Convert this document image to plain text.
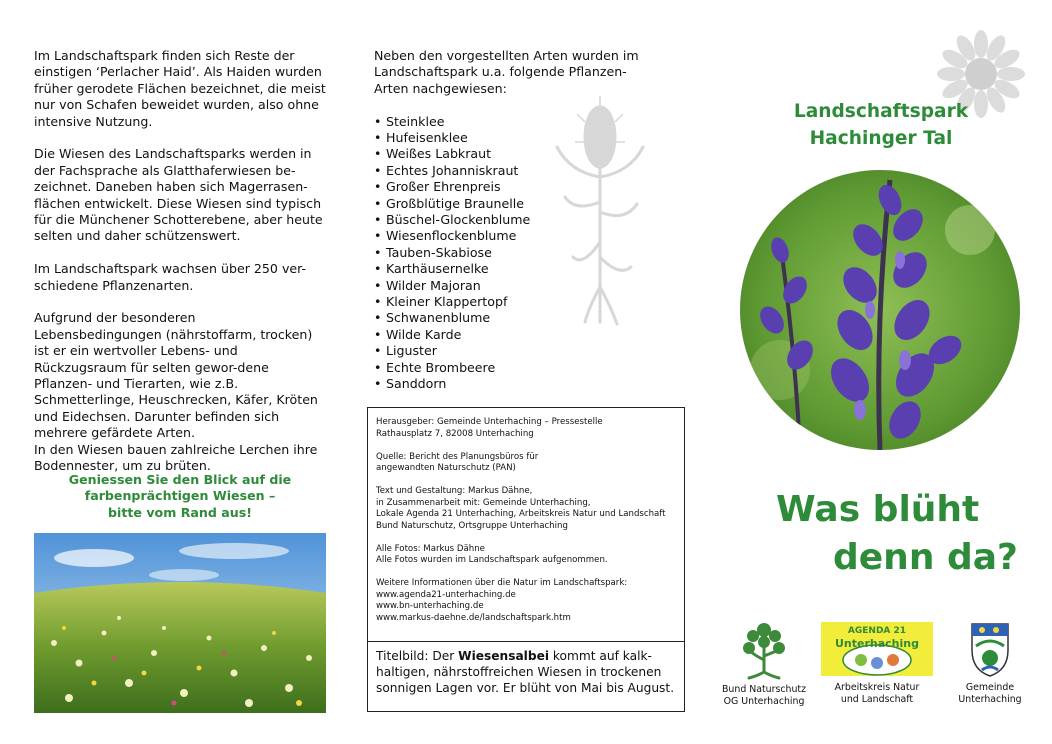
Im Landschaftspark finden sich Reste der einstigen ‘Perlacher Haid’. Als Haiden wurden früher gerodete Flächen bezeichnet, die meist nur von Schafen beweidet wurden, also ohne intensive Nutzung.

Die Wiesen des Landschaftsparks werden in der Fachsprache als Glatthaferwiesen be-zeichnet. Daneben haben sich Magerrasen-flächen entwickelt. Diese Wiesen sind typisch für die Münchener Schotterebene, aber heute selten und daher schützenswert.

Im Landschaftspark wachsen über 250 ver-schiedene Pflanzenarten.

Aufgrund der besonderen Lebensbedingungen (nährstoffarm, trocken) ist er ein wertvoller Lebens- und Rückzugsraum für selten gewor-dene Pflanzen- und Tierarten, wie z.B. Schmetterlinge, Heuschrecken, Käfer, Kröten und Eidechsen. Darunter befinden sich mehrere gefärdete Arten.

In den Wiesen bauen zahlreiche Lerchen ihre Bodennester, um zu brüten.

Geniessen Sie den Blick auf die
farbenprächtigen Wiesen –
bitte vom Rand aus!

Neben den vorgestellten Arten wurden im Landschaftspark u.a. folgende Pflanzen-Arten nachgewiesen:

• Steinklee
• Hufeisenklee
• Weißes Labkraut
• Echtes Johanniskraut
• Großer Ehrenpreis
• Großblütige Braunelle
• Büschel-Glockenblume
• Wiesenflockenblume
• Tauben-Skabiose
• Karthäusernelke
• Wilder Majoran
• Kleiner Klappertopf
• Schwanenblume
• Wilde Karde
• Liguster
• Echte Brombeere
• Sanddorn

Herausgeber: Gemeinde Unterhaching – Pressestelle
Rathausplatz 7, 82008 Unterhaching

Quelle: Bericht des Planungsbüros für
angewandten Naturschutz (PAN)

Text und Gestaltung: Markus Dähne,
in Zusammenarbeit mit: Gemeinde Unterhaching,
Lokale Agenda 21 Unterhaching, Arbeitskreis Natur und Landschaft
Bund Naturschutz, Ortsgruppe Unterhaching

Alle Fotos: Markus Dähne
Alle Fotos wurden im Landschaftspark aufgenommen.

Weitere Informationen über die Natur im Landschaftspark:
www.agenda21-unterhaching.de
www.bn-unterhaching.de
www.markus-daehne.de/landschaftspark.htm

Titelbild: Der Wiesensalbei kommt auf kalk-haltigen, nährstoffreichen Wiesen in trockenen sonnigen Lagen vor. Er blüht von Mai bis August.
Landschaftspark
Hachinger Tal
Was blüht
denn da?
Bund Naturschutz
OG Unterhaching
AGENDA 21
Unterhaching
Arbeitskreis Natur
und Landschaft
Gemeinde
Unterhaching
